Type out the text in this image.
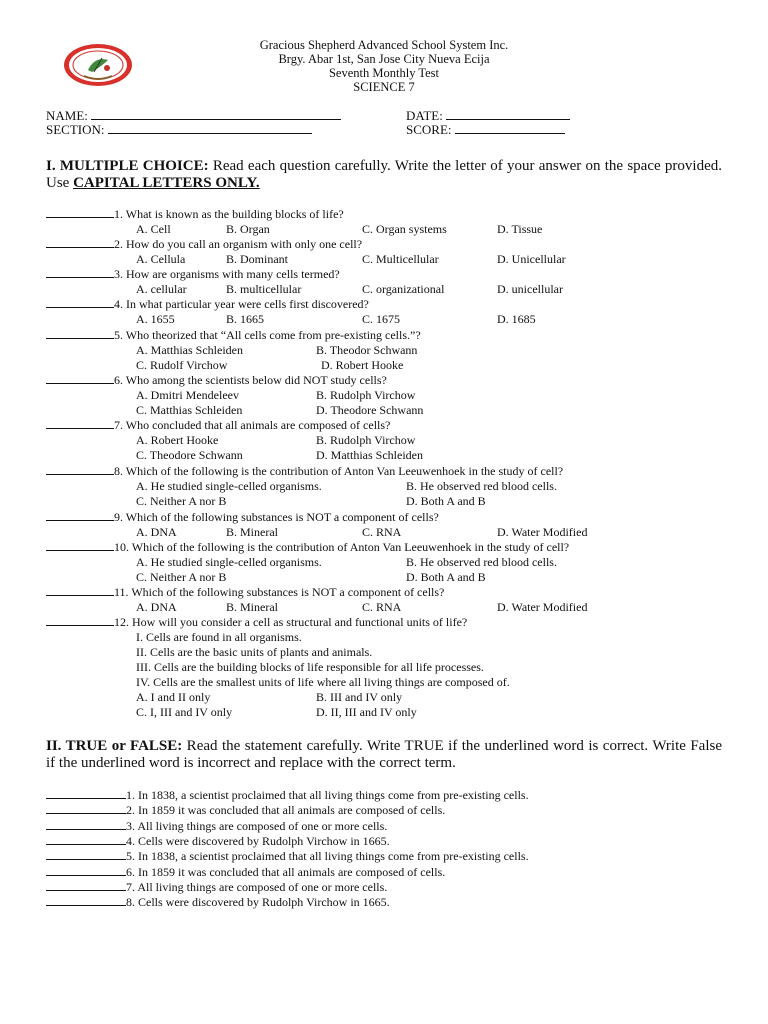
Gracious Shepherd Advanced School System Inc.
Brgy. Abar 1st, San Jose City Nueva Ecija
Seventh Monthly Test
SCIENCE 7
NAME:	DATE:
SECTION:	SCORE:
I. MULTIPLE CHOICE: Read each question carefully. Write the letter of your answer on the space provided. Use CAPITAL LETTERS ONLY.
1. What is known as the building blocks of life?
A. Cell	B. Organ	C. Organ systems	D. Tissue
2. How do you call an organism with only one cell?
A. Cellula	B. Dominant	C. Multicellular	D. Unicellular
3. How are organisms with many cells termed?
A. cellular	B. multicellular	C. organizational	D. unicellular
4. In what particular year were cells first discovered?
A. 1655	B. 1665	C. 1675	D. 1685
5. Who theorized that “All cells come from pre-existing cells.”?
A. Matthias Schleiden	B. Theodor Schwann
C. Rudolf Virchow	D. Robert Hooke
6. Who among the scientists below did NOT study cells?
A. Dmitri Mendeleev	B. Rudolph Virchow
C. Matthias Schleiden	D. Theodore Schwann
7. Who concluded that all animals are composed of cells?
A. Robert Hooke	B. Rudolph Virchow
C. Theodore Schwann	D. Matthias Schleiden
8. Which of the following is the contribution of Anton Van Leeuwenhoek in the study of cell?
A. He studied single-celled organisms.	B. He observed red blood cells.
C. Neither A nor B	D. Both A and B
9. Which of the following substances is NOT a component of cells?
A. DNA	B. Mineral	C. RNA	D. Water Modified
10. Which of the following is the contribution of Anton Van Leeuwenhoek in the study of cell?
A. He studied single-celled organisms.	B. He observed red blood cells.
C. Neither A nor B	D. Both A and B
11. Which of the following substances is NOT a component of cells?
A. DNA	B. Mineral	C. RNA	D. Water Modified
12. How will you consider a cell as structural and functional units of life?
I. Cells are found in all organisms.
II. Cells are the basic units of plants and animals.
III. Cells are the building blocks of life responsible for all life processes.
IV. Cells are the smallest units of life where all living things are composed of.
A. I and II only	B. III and IV only
C. I, III and IV only	D. II, III and IV only
II. TRUE or FALSE: Read the statement carefully. Write TRUE if the underlined word is correct. Write False if the underlined word is incorrect and replace with the correct term.
1. In 1838, a scientist proclaimed that all living things come from pre-existing cells.
2. In 1859 it was concluded that all animals are composed of cells.
3. All living things are composed of one or more cells.
4. Cells were discovered by Rudolph Virchow in 1665.
5. In 1838, a scientist proclaimed that all living things come from pre-existing cells.
6. In 1859 it was concluded that all animals are composed of cells.
7. All living things are composed of one or more cells.
8. Cells were discovered by Rudolph Virchow in 1665.
